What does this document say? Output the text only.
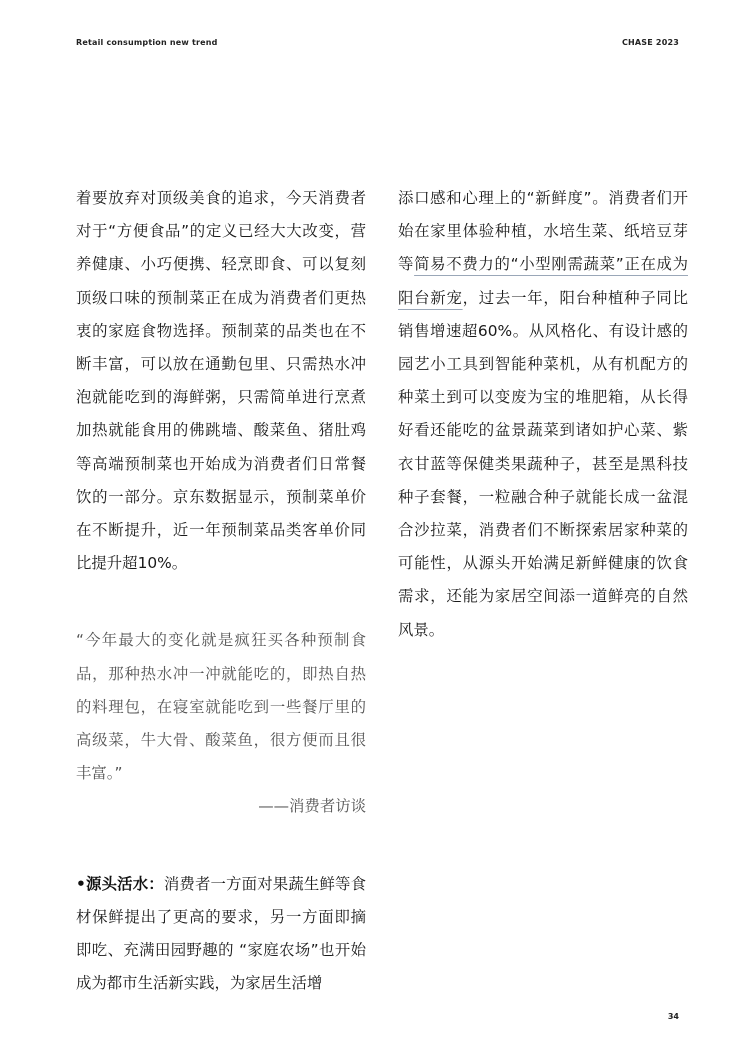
Retail consumption new trend	CHASE 2023

着要放弃对顶级美食的追求，今天消费者对于“方便食品”的定义已经大大改变，营养健康、小巧便携、轻烹即食、可以复刻顶级口味的预制菜正在成为消费者们更热衷的家庭食物选择。预制菜的品类也在不断丰富，可以放在通勤包里、只需热水冲泡就能吃到的海鲜粥，只需简单进行烹煮加热就能食用的佛跳墙、酸菜鱼、猪肚鸡等高端预制菜也开始成为消费者们日常餐饮的一部分。京东数据显示，预制菜单价在不断提升，近一年预制菜品类客单价同比提升超10%。

“今年最大的变化就是疯狂买各种预制食品，那种热水冲一冲就能吃的，即热自热的料理包，在寝室就能吃到一些餐厅里的高级菜，牛大骨、酸菜鱼，很方便而且很丰富。”

——消费者访谈

•源头活水：消费者一方面对果蔬生鲜等食材保鲜提出了更高的要求，另一方面即摘即吃、充满田园野趣的 “家庭农场”也开始成为都市生活新实践，为家居生活增

添口感和心理上的“新鲜度”。消费者们开始在家里体验种植，水培生菜、纸培豆芽等简易不费力的“小型刚需蔬菜”正在成为阳台新宠，过去一年，阳台种植种子同比销售增速超60%。从风格化、有设计感的园艺小工具到智能种菜机，从有机配方的种菜土到可以变废为宝的堆肥箱，从长得好看还能吃的盆景蔬菜到诸如护心菜、紫衣甘蓝等保健类果蔬种子，甚至是黑科技种子套餐，一粒融合种子就能长成一盆混合沙拉菜，消费者们不断探索居家种菜的可能性，从源头开始满足新鲜健康的饮食需求，还能为家居空间添一道鲜亮的自然风景。

34
